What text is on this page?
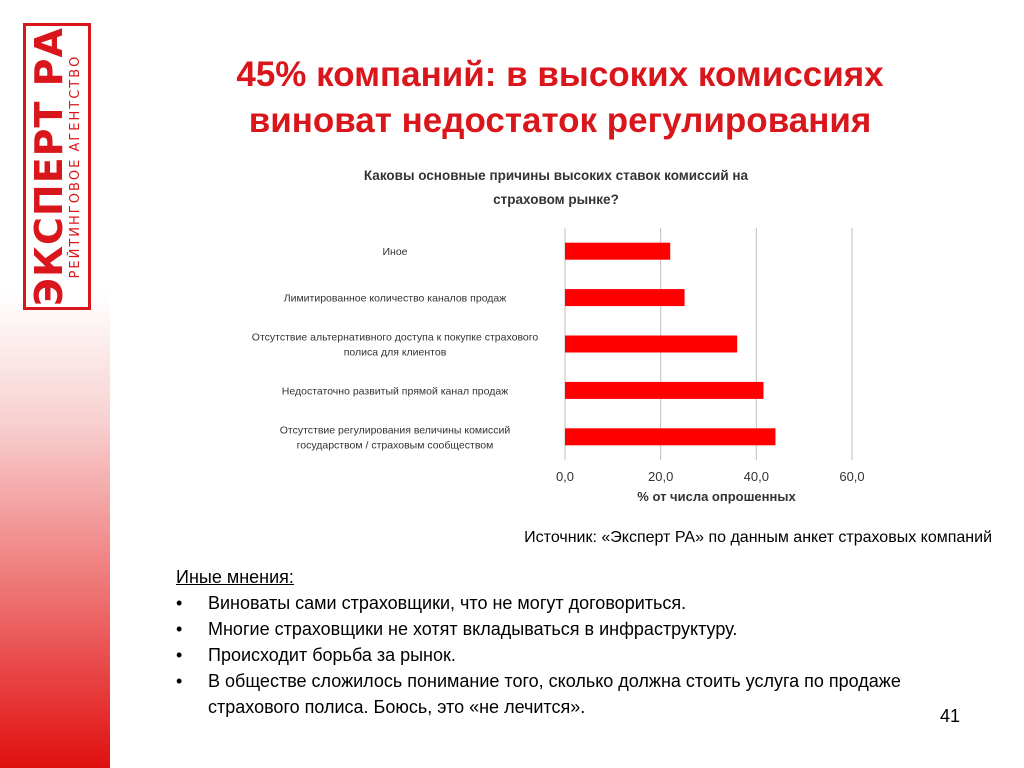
ЭКСПЕРТ РА
РЕЙТИНГОВОЕ АГЕНТСТВО	45% компаний: в высоких комиссиях
виноват недостаток регулирования
Каковы основные причины высоких ставок комиссий на
страховом рынке?
0,0	20,0	40,0	60,0
% от числа опрошенных
Иное
Лимитированное количество каналов продаж
Отсутствие альтернативного доступа к покупке страхового
полиса для клиентов
Недостаточно развитый прямой канал продаж
Отсутствие регулирования величины комиссий
государством / страховым сообществом
Источник: «Эксперт РА» по данным анкет страховых компаний
Иные мнения:
• Виноваты сами страховщики, что не могут договориться.
• Многие страховщики не хотят вкладываться в инфраструктуру.
• Происходит борьба за рынок.
• В обществе сложилось понимание того, сколько должна стоить услуга по продаже страхового полиса. Боюсь, это «не лечится».	41
